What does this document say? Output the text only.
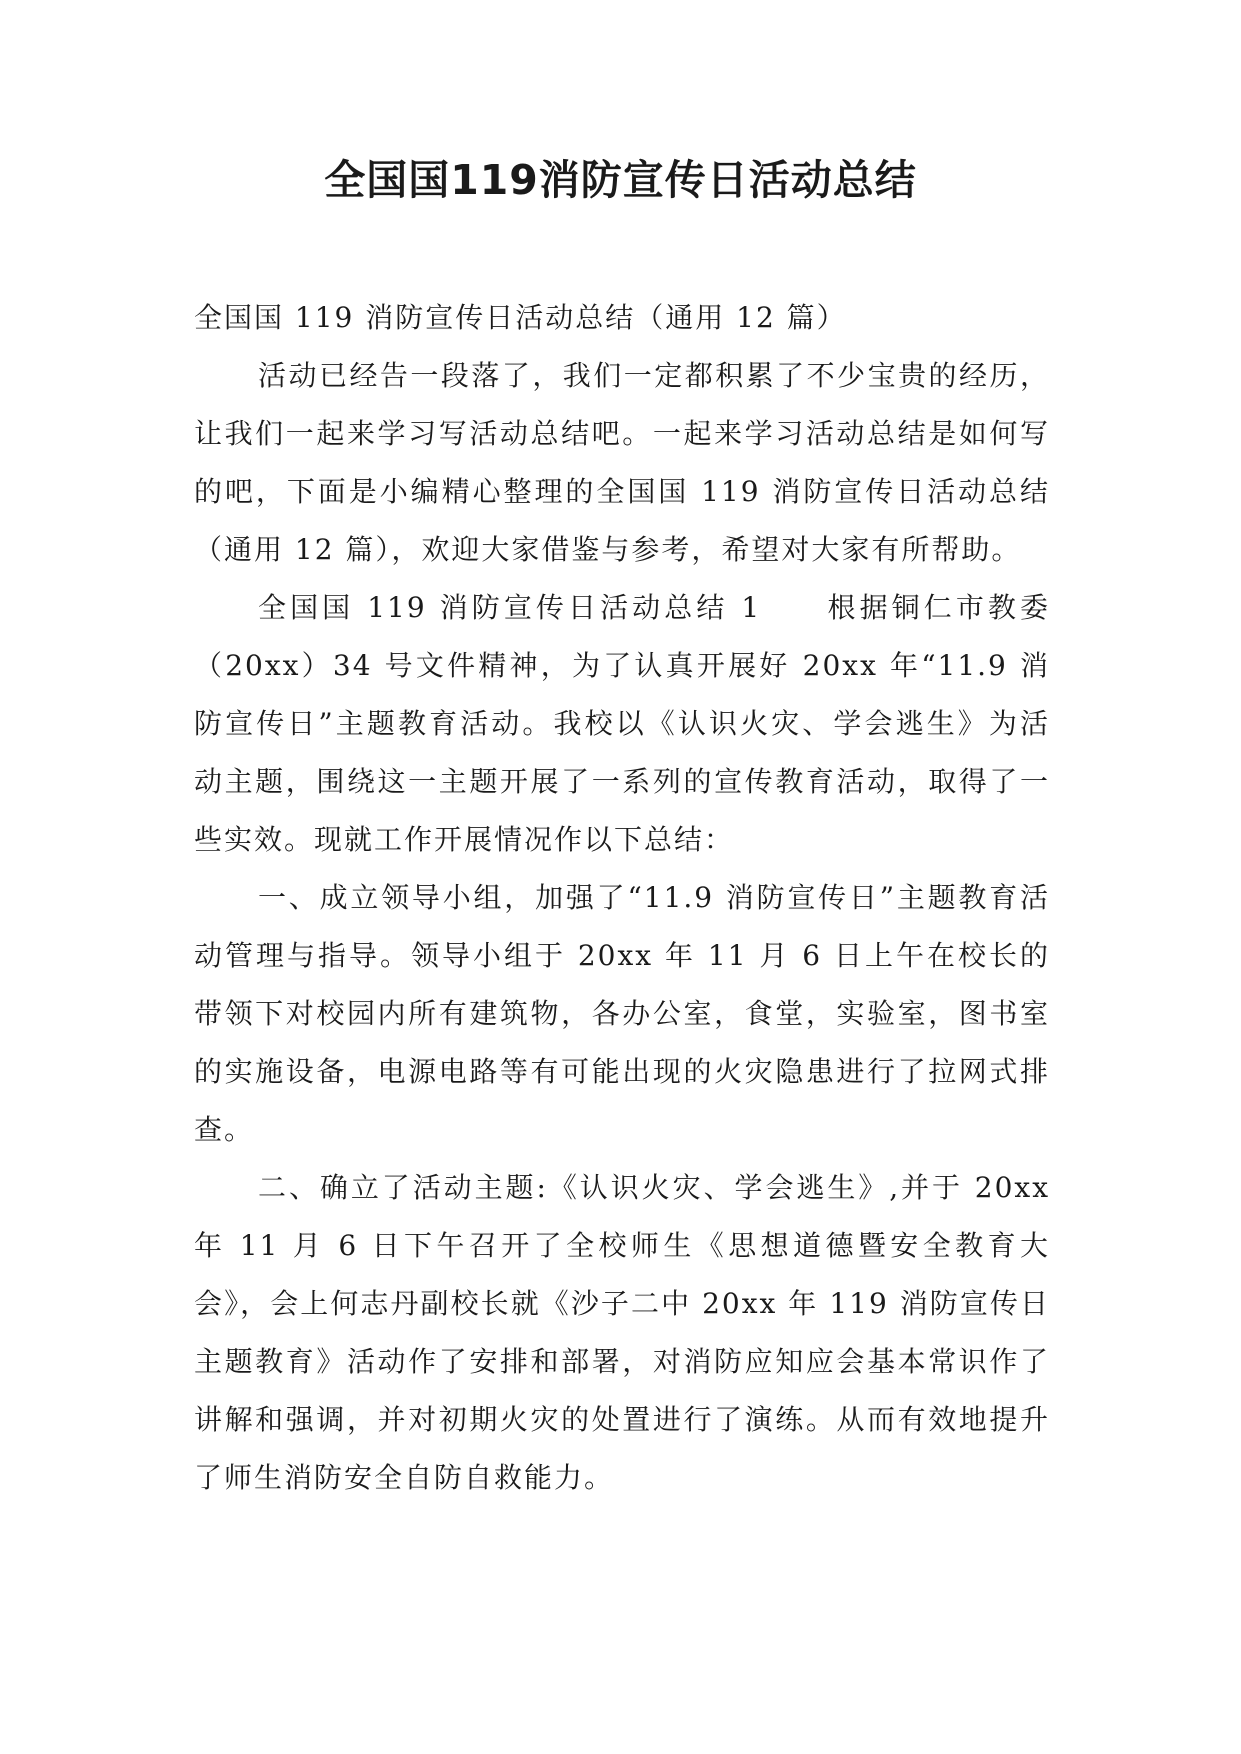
全国国119消防宣传日活动总结

全国国 119 消防宣传日活动总结（通用 12 篇）

活动已经告一段落了，我们一定都积累了不少宝贵的经历，让我们一起来学习写活动总结吧。一起来学习活动总结是如何写的吧，下面是小编精心整理的全国国 119 消防宣传日活动总结（通用 12 篇），欢迎大家借鉴与参考，希望对大家有所帮助。

全国国 119 消防宣传日活动总结 1　　根据铜仁市教委（20xx）34 号文件精神，为了认真开展好 20xx 年“11.9 消防宣传日”主题教育活动。我校以《认识火灾、学会逃生》为活动主题，围绕这一主题开展了一系列的宣传教育活动，取得了一些实效。现就工作开展情况作以下总结：

一、成立领导小组，加强了“11.9 消防宣传日”主题教育活动管理与指导。领导小组于 20xx 年 11 月 6 日上午在校长的带领下对校园内所有建筑物，各办公室，食堂，实验室，图书室的实施设备，电源电路等有可能出现的火灾隐患进行了拉网式排查。

二、确立了活动主题:《认识火灾、学会逃生》,并于 20xx 年 11 月 6 日下午召开了全校师生《思想道德暨安全教育大会》，会上何志丹副校长就《沙子二中 20xx 年 119 消防宣传日主题教育》活动作了安排和部署，对消防应知应会基本常识作了讲解和强调，并对初期火灾的处置进行了演练。从而有效地提升了师生消防安全自防自救能力。
